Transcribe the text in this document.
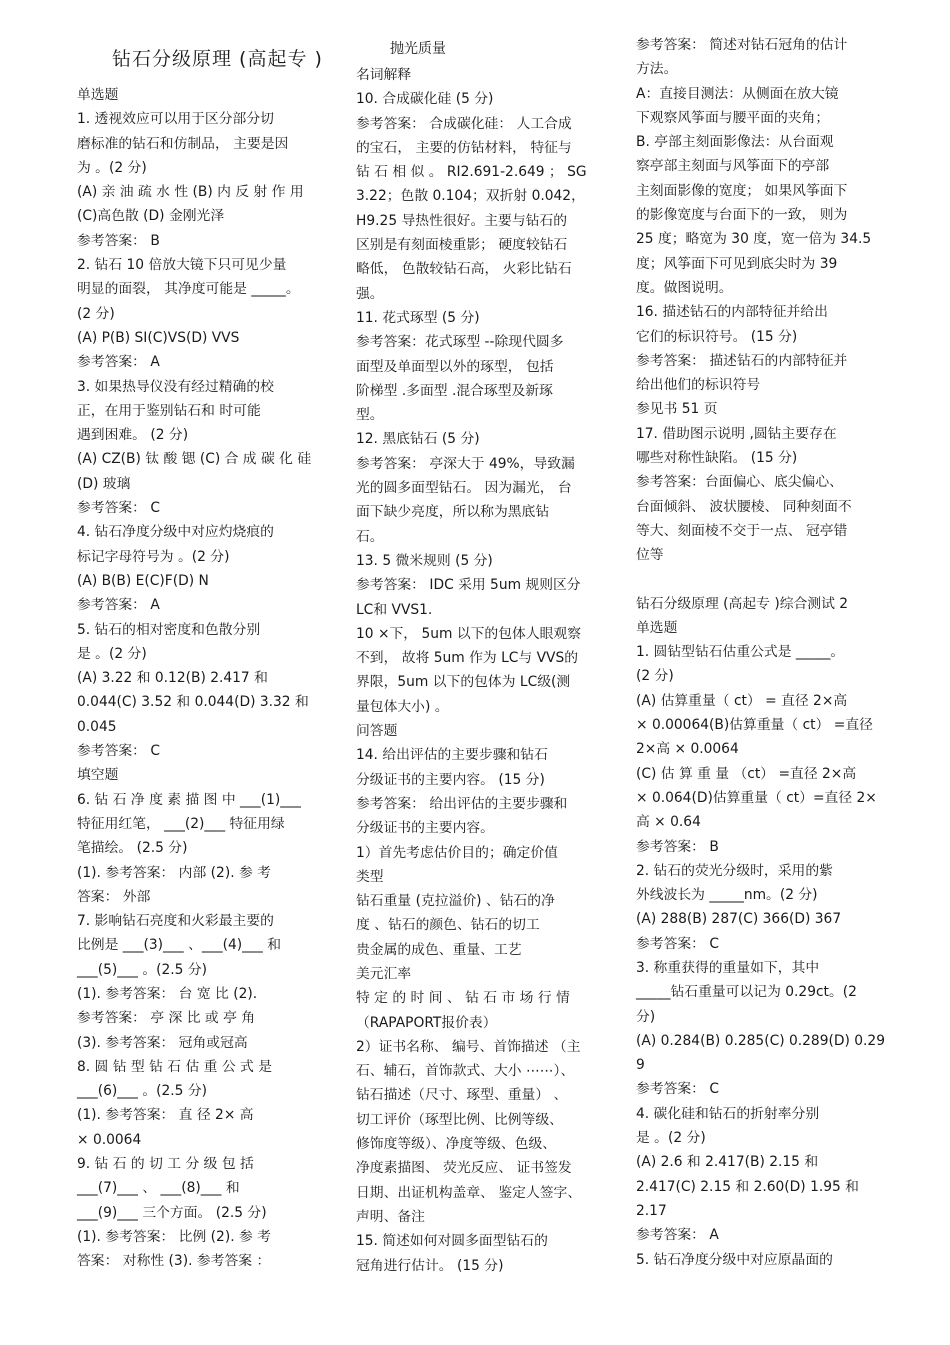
钻石分级原理 (高起专 )	抛光质量
单选题
1. 透视效应可以用于区分部分切
磨标准的钻石和仿制品， 主要是因
为 。(2 分)
(A) 亲 油 疏 水 性 (B) 内 反 射 作 用
(C)高色散 (D) 金刚光泽
参考答案： B
2. 钻石 10 倍放大镜下只可见少量
明显的面裂， 其净度可能是 _____。
(2 分)
(A) P(B) SI(C)VS(D) VVS
参考答案： A
3. 如果热导仪没有经过精确的校
正，在用于鉴别钻石和 时可能
遇到困难。 (2 分)
(A) CZ(B) 钛 酸 锶 (C) 合 成 碳 化 硅
(D) 玻璃
参考答案： C
4. 钻石净度分级中对应灼烧痕的
标记字母符号为 。(2 分)
(A) B(B) E(C)F(D) N
参考答案： A
5. 钻石的相对密度和色散分别
是 。(2 分)
(A) 3.22 和 0.12(B) 2.417 和
0.044(C) 3.52 和 0.044(D) 3.32 和
0.045
参考答案： C
填空题
6. 钻 石 净 度 素 描 图 中 ___(1)___
特征用红笔， ___(2)___ 特征用绿
笔描绘。 (2.5 分)
(1). 参考答案： 内部 (2). 参 考
答案： 外部
7. 影响钻石亮度和火彩最主要的
比例是 ___(3)___ 、___(4)___ 和
___(5)___ 。(2.5 分)
(1). 参考答案： 台 宽 比 (2).
参考答案： 亭 深 比 或 亭 角
(3). 参考答案： 冠角或冠高
8. 圆 钻 型 钻 石 估 重 公 式 是
___(6)___ 。(2.5 分)
(1). 参考答案： 直 径 2× 高
× 0.0064
9. 钻 石 的 切 工 分 级 包 括
___(7)___ 、 ___(8)___ 和
___(9)___ 三个方面。 (2.5 分)
(1). 参考答案： 比例 (2). 参 考
答案： 对称性 (3). 参考答案 ：
名词解释
10. 合成碳化硅 (5 分)
参考答案： 合成碳化硅： 人工合成
的宝石， 主要的仿钻材料， 特征与
钻 石 相 似 。 RI2.691-2.649 ； SG
3.22；色散 0.104；双折射 0.042，
H9.25 导热性很好。主要与钻石的
区别是有刻面棱重影； 硬度较钻石
略低， 色散较钻石高， 火彩比钻石
强。
11. 花式琢型 (5 分)
参考答案：花式琢型 --除现代圆多
面型及单面型以外的琢型， 包括
阶梯型 .多面型 .混合琢型及新琢
型。
12. 黑底钻石 (5 分)
参考答案： 亭深大于 49%，导致漏
光的圆多面型钻石。 因为漏光， 台
面下缺少亮度，所以称为黑底钻
石。
13. 5 微米规则 (5 分)
参考答案： IDC 采用 5um 规则区分
LC和 VVS1.
10 ×下， 5um 以下的包体人眼观察
不到， 故将 5um 作为 LC与 VVS的
界限，5um 以下的包体为 LC级(测
量包体大小) 。
问答题
14. 给出评估的主要步骤和钻石
分级证书的主要内容。 (15 分)
参考答案： 给出评估的主要步骤和
分级证书的主要内容。
1）首先考虑估价目的；确定价值
类型
钻石重量 (克拉溢价) 、钻石的净
度 、钻石的颜色、钻石的切工
贵金属的成色、重量、工艺
美元汇率
特 定 的 时 间 、 钻 石 市 场 行 情
（RAPAPORT报价表）
2）证书名称、 编号、首饰描述 （主
石、辅石，首饰款式、大小 ⋯⋯）、
钻石描述（尺寸、琢型、重量） 、
切工评价（琢型比例、比例等级、
修饰度等级）、净度等级、色级、
净度素描图、 荧光反应、 证书签发
日期、出证机构盖章、 鉴定人签字、
声明、备注
15. 简述如何对圆多面型钻石的
冠角进行估计。 (15 分)
参考答案： 简述对钻石冠角的估计
方法。
A：直接目测法：从侧面在放大镜
下观察风筝面与腰平面的夹角；
B. 亭部主刻面影像法：从台面观
察亭部主刻面与风筝面下的亭部
主刻面影像的宽度； 如果风筝面下
的影像宽度与台面下的一致， 则为
25 度；略宽为 30 度，宽一倍为 34.5
度；风筝面下可见到底尖时为 39
度。做图说明。
16. 描述钻石的内部特征并给出
它们的标识符号。 (15 分)
参考答案： 描述钻石的内部特征并
给出他们的标识符号
参见书 51 页
17. 借助图示说明 ,圆钻主要存在
哪些对称性缺陷。 (15 分)
参考答案：台面偏心、底尖偏心、
台面倾斜、 波状腰棱、 同种刻面不
等大、刻面棱不交于一点、 冠亭错
位等
钻石分级原理 (高起专 )综合测试 2
单选题
1. 圆钻型钻石估重公式是 _____。
(2 分)
(A) 估算重量（ ct） = 直径 2×高
× 0.00064(B)估算重量（ ct） =直径
2×高 × 0.0064
(C) 估 算 重 量 （ct） =直径 2×高
× 0.064(D)估算重量（ ct）=直径 2×
高 × 0.64
参考答案： B
2. 钻石的荧光分级时，采用的紫
外线波长为 _____nm。(2 分)
(A) 288(B) 287(C) 366(D) 367
参考答案： C
3. 称重获得的重量如下，其中
_____钻石重量可以记为 0.29ct。(2
分)
(A) 0.284(B) 0.285(C) 0.289(D) 0.29
9
参考答案： C
4. 碳化硅和钻石的折射率分别
是 。(2 分)
(A) 2.6 和 2.417(B) 2.15 和
2.417(C) 2.15 和 2.60(D) 1.95 和
2.17
参考答案： A
5. 钻石净度分级中对应原晶面的
